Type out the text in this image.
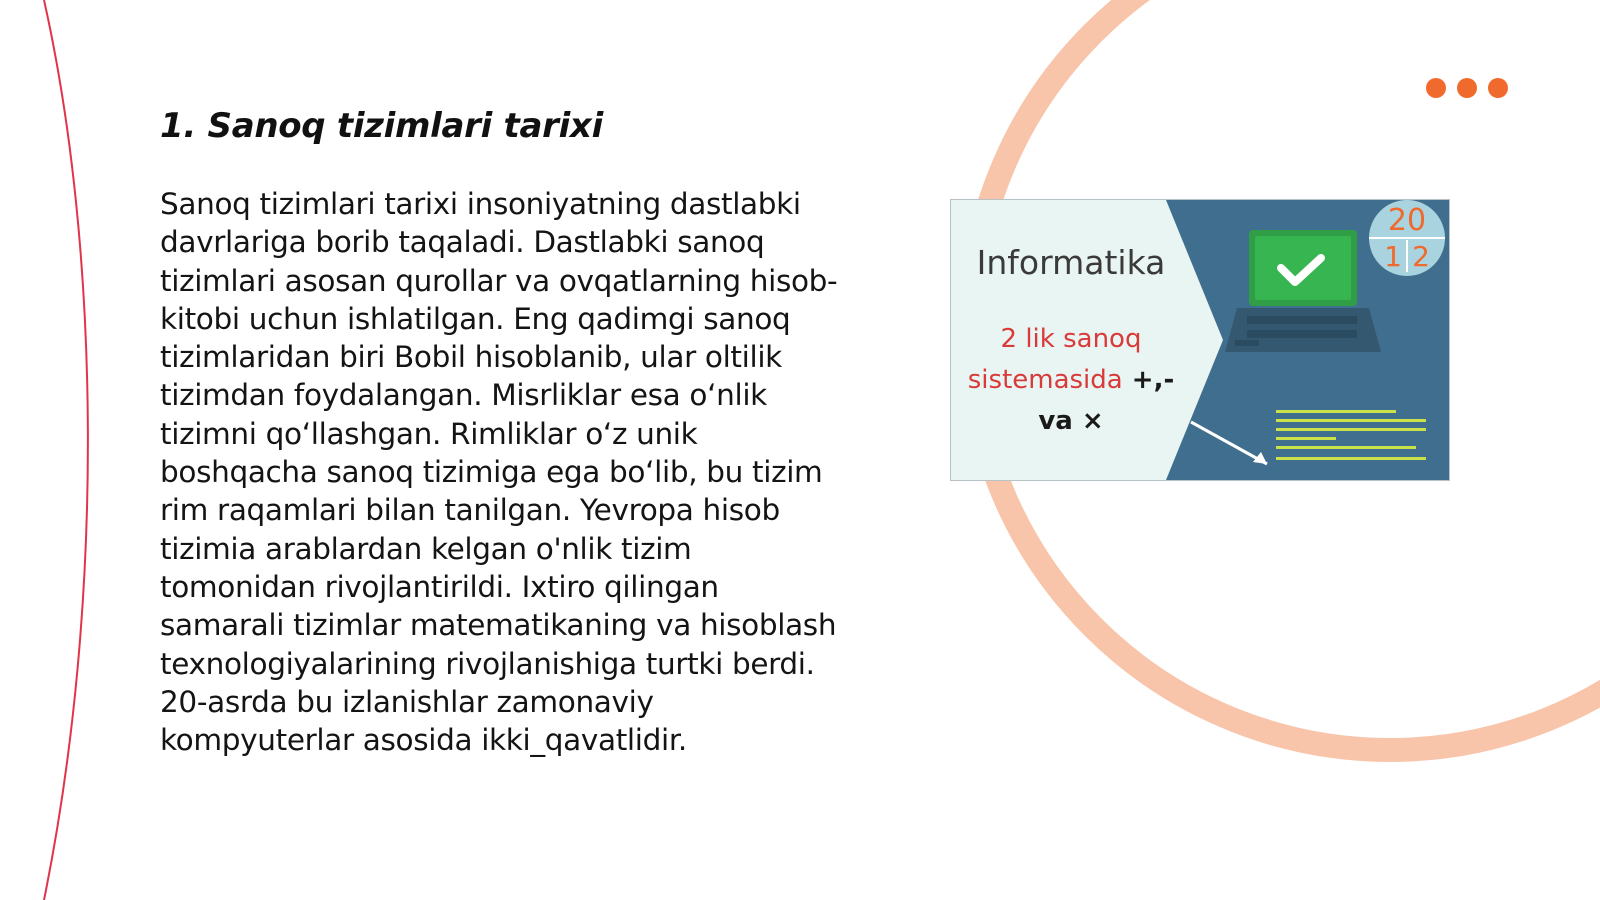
1. Sanoq tizimlari tarixi

Sanoq tizimlari tarixi insoniyatning dastlabki davrlariga borib taqaladi. Dastlabki sanoq tizimlari asosan qurollar va ovqatlarning hisob-kitobi uchun ishlatilgan. Eng qadimgi sanoq tizimlaridan biri Bobil hisoblanib, ular oltilik tizimdan foydalangan. Misrliklar esa o‘nlik tizimni qo‘llashgan. Rimliklar o‘z unik boshqacha sanoq tizimiga ega bo‘lib, bu tizim rim raqamlari bilan tanilgan. Yevropa hisob tizimia arablardan kelgan o'nlik tizim tomonidan rivojlantirildi. Ixtiro qilingan samarali tizimlar matematikaning va hisoblash texnologiyalarining rivojlanishiga turtki berdi. 20-asrda bu izlanishlar zamonaviy kompyuterlar asosida ikki_qavatlidir.

20
1 2
Informatika
2 lik sanoq
sistemasida +,-
va ×
